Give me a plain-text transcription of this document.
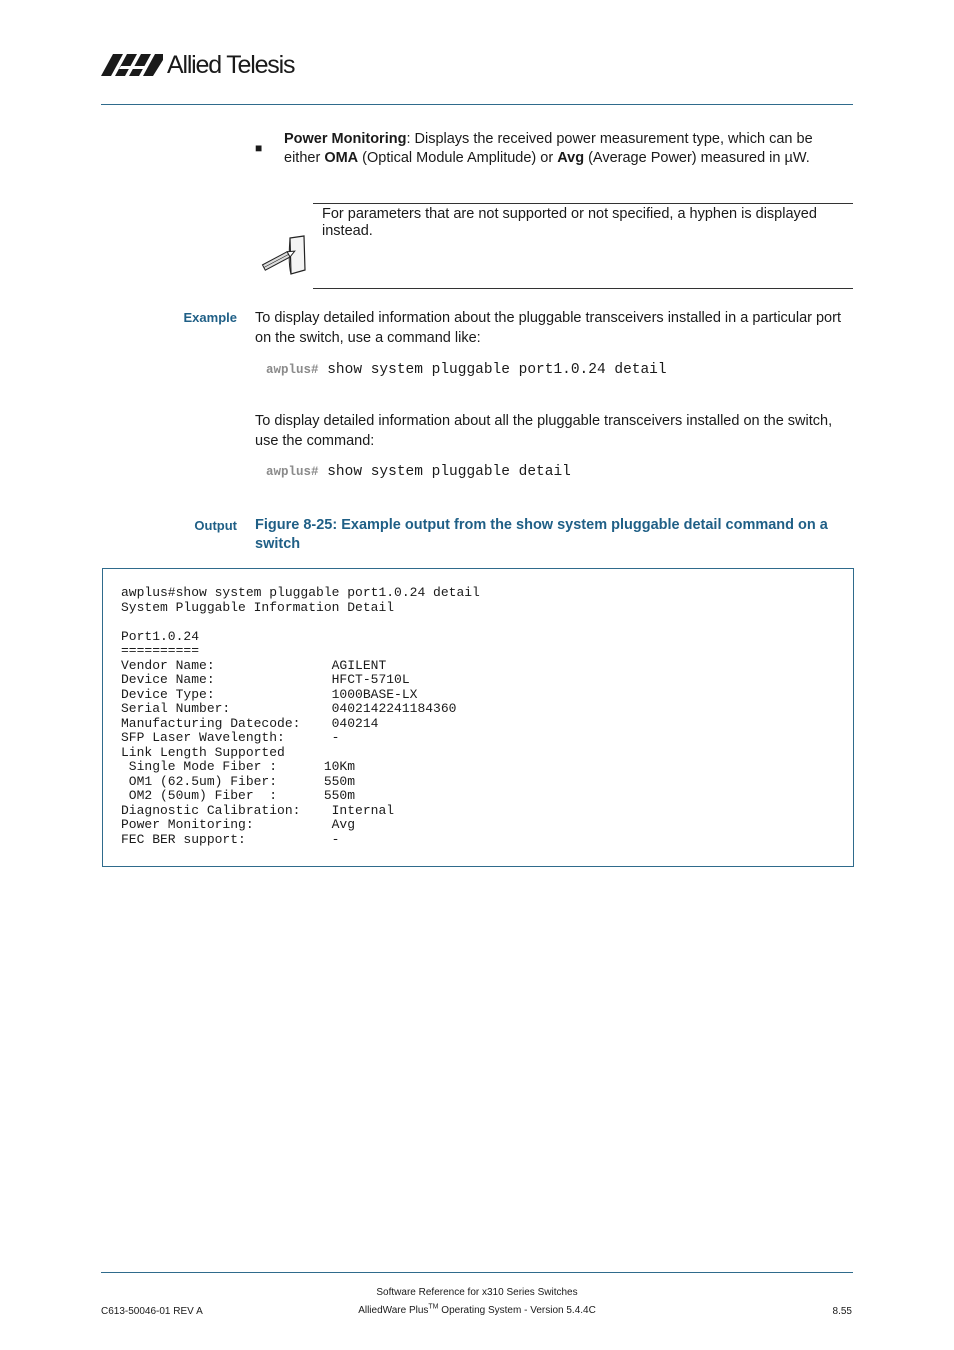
Allied Telesis
■
Power Monitoring: Displays the received power measurement type, which can be either OMA (Optical Module Amplitude) or Avg (Average Power) measured in µW.
For parameters that are not supported or not specified, a hyphen is displayed instead.
Example To display detailed information about the pluggable transceivers installed in a particular port on the switch, use a command like:
awplus# show system pluggable port1.0.24 detail
To display detailed information about all the pluggable transceivers installed on the switch, use the command:
awplus# show system pluggable detail
Output Figure 8-25: Example output from the show system pluggable detail command on a switch
awplus#show system pluggable port1.0.24 detail
System Pluggable Information Detail
Port1.0.24
==========
Vendor Name:               AGILENT
Device Name:               HFCT-5710L
Device Type:               1000BASE-LX
Serial Number:             0402142241184360
Manufacturing Datecode:    040214
SFP Laser Wavelength:      -
Link Length Supported
Single Mode Fiber :      10Km
OM1 (62.5um) Fiber:      550m
OM2 (50um) Fiber  :      550m
Diagnostic Calibration:    Internal
Power Monitoring:          Avg
FEC BER support:           -
Software Reference for x310 Series Switches
AlliedWare Plus™ Operating System - Version 5.4.4C
C613-50046-01 REV A	8.55
